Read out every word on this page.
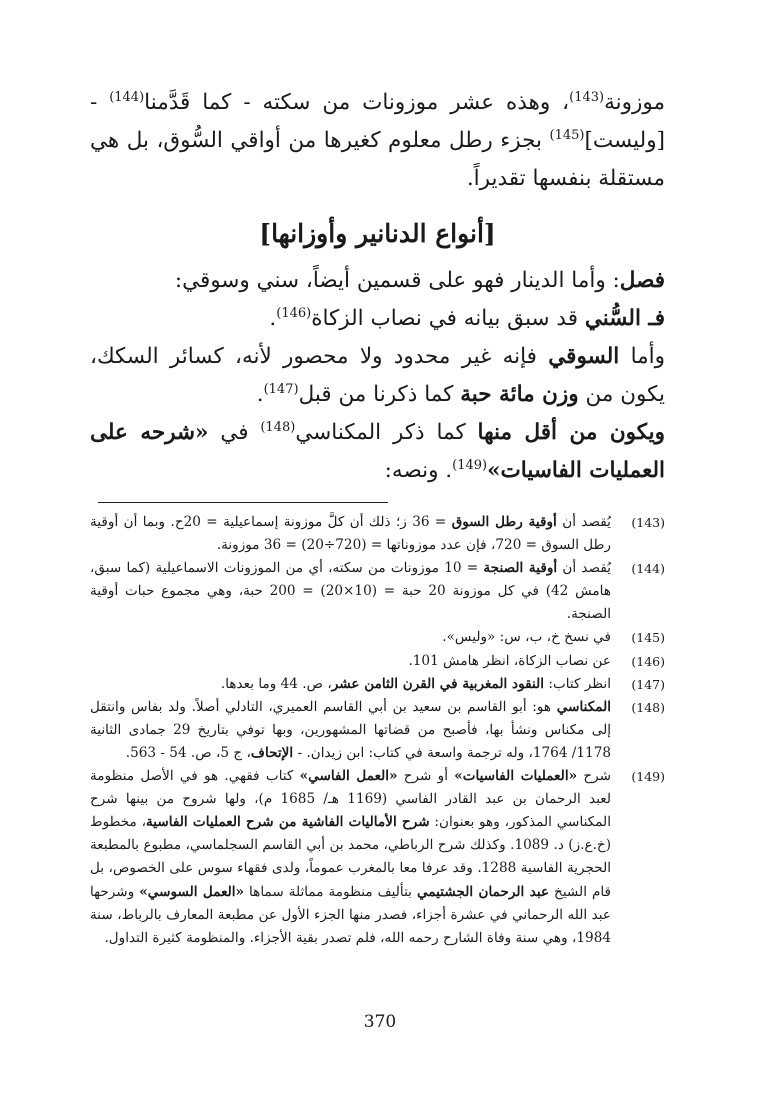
موزونة$^{(143)}$، وهذه عشر موزونات من سكته - كما قَدَّمنا$^{(144)}$ - [وليست]$^{(145)}$ بجزء رطل معلوم كغيرها من أواقي السُّوق، بل هي مستقلة بنفسها تقديراً.

[أنواع الدنانير وأوزانها]

فصل: وأما الدينار فهو على قسمين أيضاً، سني وسوقي:

فـ السُّني قد سبق بيانه في نصاب الزكاة$^{(146)}$.

وأما السوقي فإنه غير محدود ولا محصور لأنه، كسائر السكك، يكون من وزن مائة حبة كما ذكرنا من قبل$^{(147)}$.

ويكون من أقل منها كما ذكر المكناسي$^{(148)}$ في «شرحه على العمليات الفاسيات»$^{(149)}$. ونصه:

(143)
يُقصد أن أوقية رطل السوق = 36 ز؛ ذلك أن كلَّ موزونة إسماعيلية = 20ح. وبما أن أوقية رطل السوق = 720، فإن عدد موزوناتها = (720÷20) = 36 موزونة.
(144)
يُقصد أن أوقية الصنجة = 10 موزونات من سكته، أي من الموزونات الاسماعيلية (كما سبق، هامش 42) في كل موزونة 20 حبة = (10×20) = 200 حبة، وهي مجموع حبات أوقية الصنجة.
(145)
في نسخ خ، ب، س: «وليس».
(146)
عن نصاب الزكاة، انظر هامش 101.
(147)
انظر كتاب: النقود المغربية في القرن الثامن عشر، ص. 44 وما بعدها.
(148)
المكناسي هو: أبو القاسم بن سعيد بن أبي القاسم العميري، التادلي أصلاً. ولد بفاس وانتقل إلى مكناس ونشأ بها، فأصبح من قضاتها المشهورين، وبها توفي بتاريخ 29 جمادى الثانية 1178/ 1764، وله ترجمة واسعة في كتاب: ابن زيدان. - الإتحاف، ج 5، ص. 54 - 563.
(149)
شرح «العمليات الفاسيات» أو شرح «العمل الفاسي» كتاب فقهي. هو في الأصل منظومة لعبد الرحمان بن عبد القادر الفاسي (1169 هـ/ 1685 م)، ولها شروح من بينها شرح المكناسي المذكور، وهو بعنوان: شرح الأماليات الفاشية من شرح العمليات الفاسية، مخطوط (خ.ع.ز) د. 1089. وكذلك شرح الرباطي، محمد بن أبي القاسم السجلماسي، مطبوع بالمطبعة الحجرية الفاسية 1288. وقد عرفا معا بالمغرب عموماً، ولدى فقهاء سوس على الخصوص، بل قام الشيخ عبد الرحمان الجشتيمي بتأليف منظومة مماثلة سماها «العمل السوسي» وشرحها عبد الله الرحماني في عشرة أجزاء، فصدر منها الجزء الأول عن مطبعة المعارف بالرباط، سنة 1984، وهي سنة وفاة الشارح رحمه الله، فلم تصدر بقية الأجزاء. والمنظومة كثيرة التداول.
370
